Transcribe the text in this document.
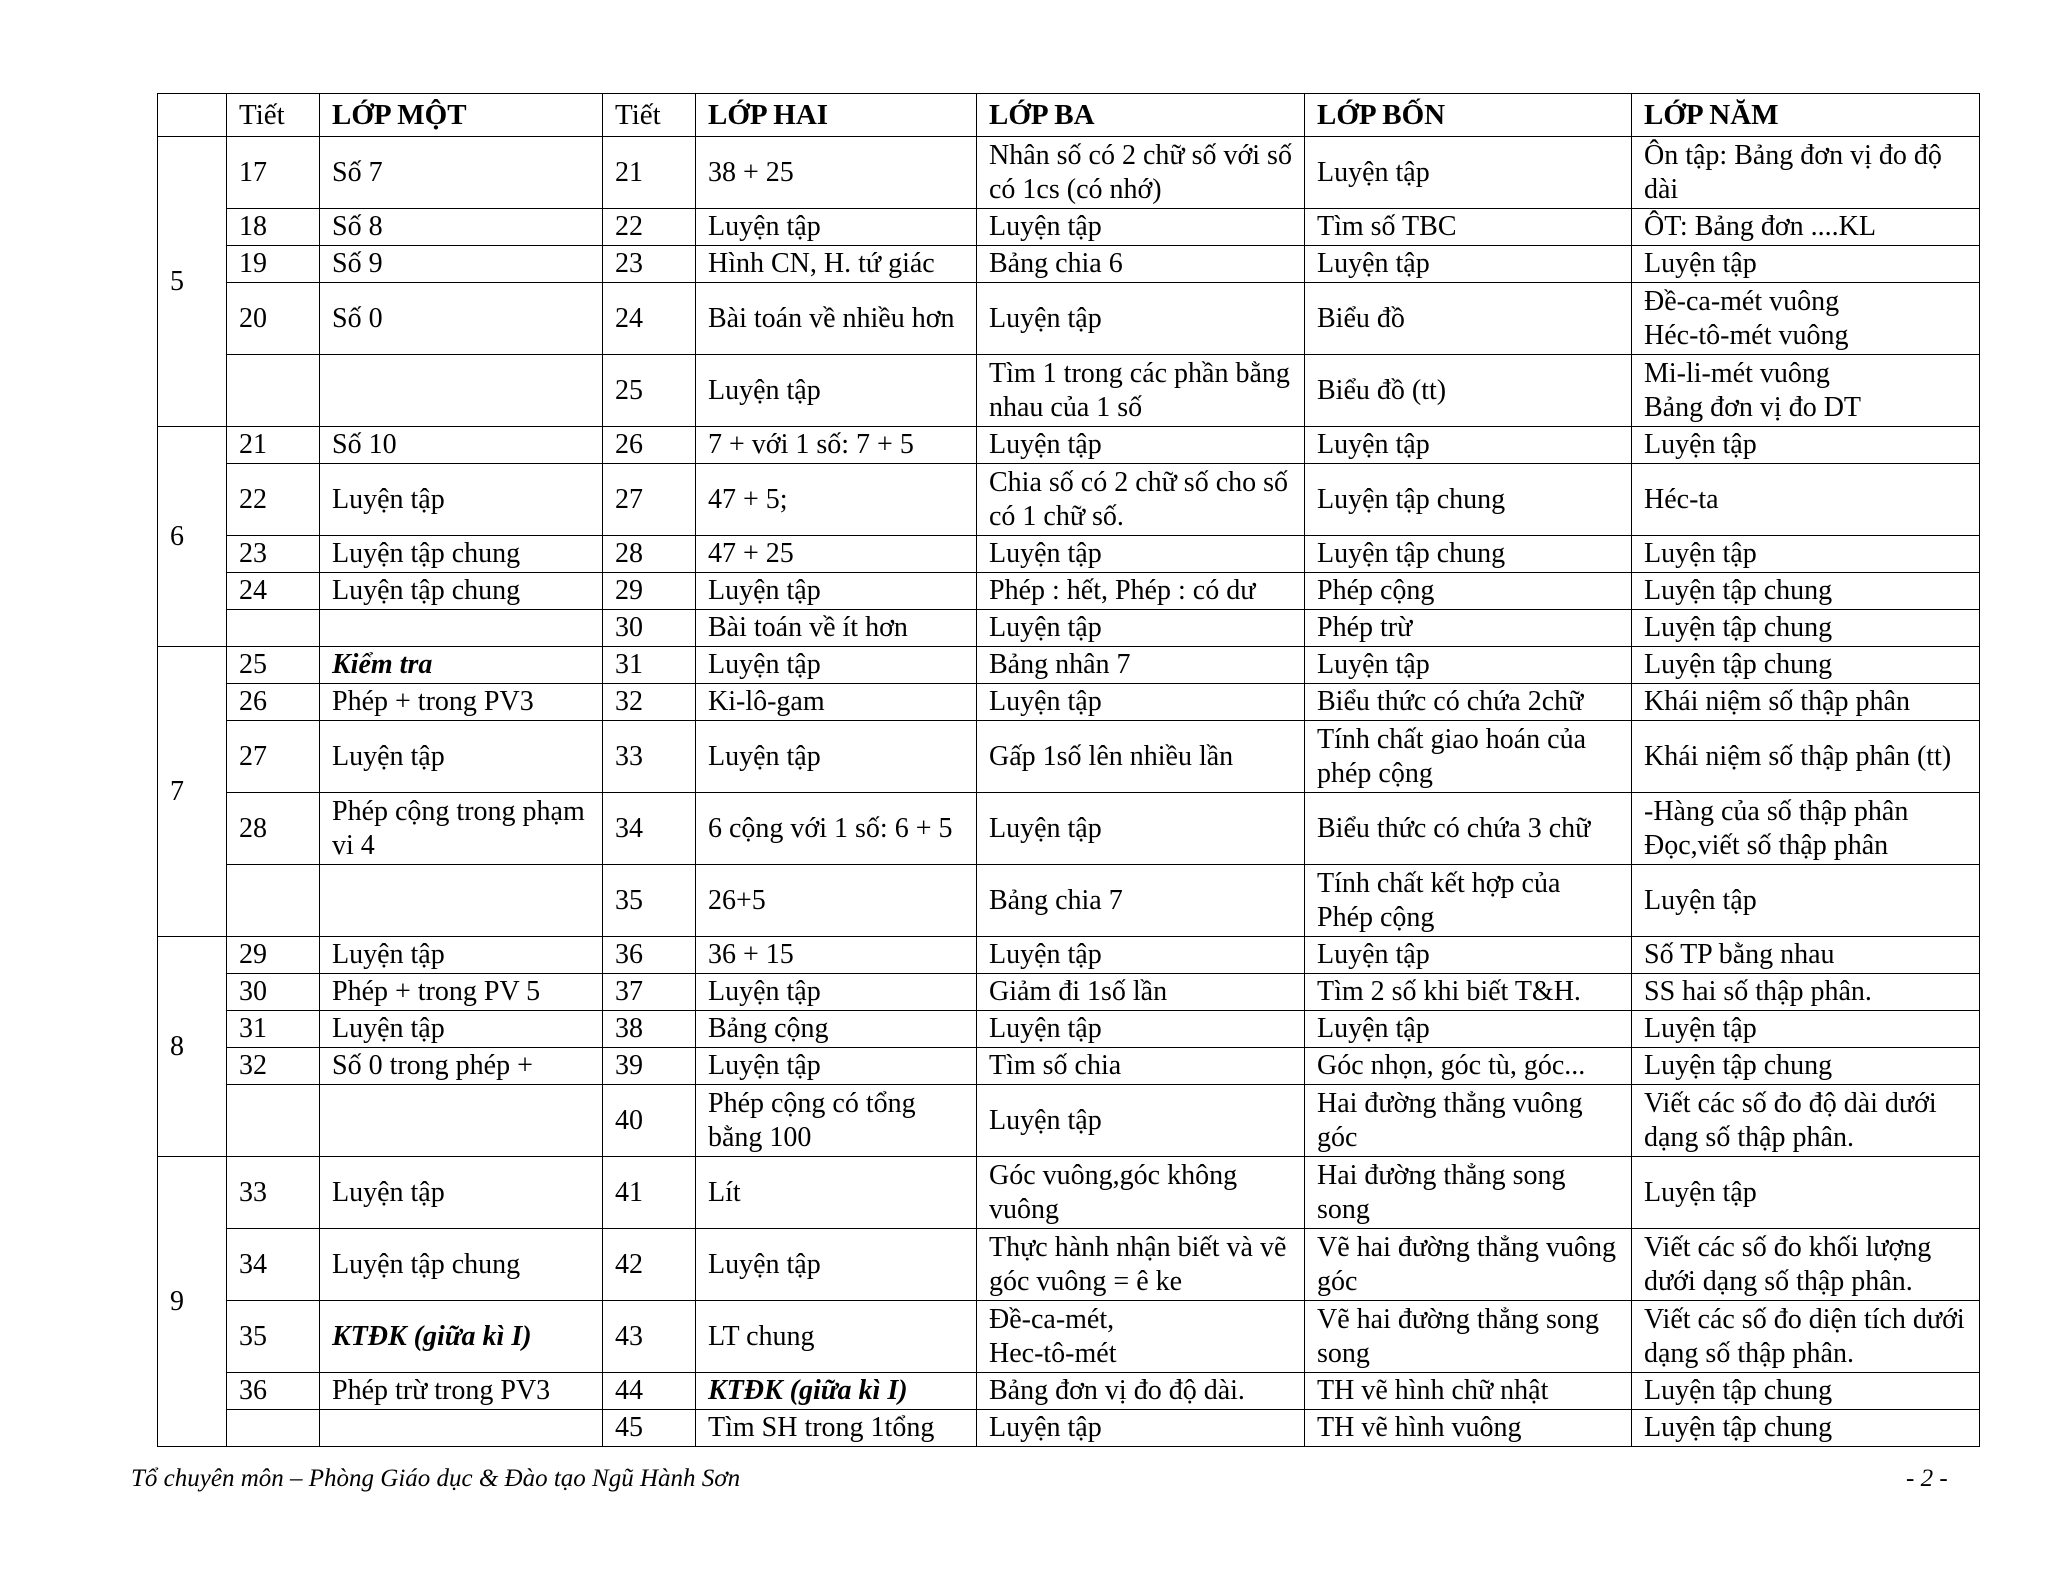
	Tiết	LỚP MỘT	Tiết	LỚP HAI	LỚP BA	LỚP BỐN	LỚP NĂM
5	17	Số 7	21	38 + 25	Nhân số có 2 chữ số với số có 1cs (có nhớ)	Luyện tập	Ôn tập: Bảng đơn vị đo độ dài
	18	Số 8	22	Luyện tập	Luyện tập	Tìm số TBC	ÔT: Bảng đơn ....KL
	19	Số 9	23	Hình CN, H. tứ giác	Bảng chia 6	Luyện tập	Luyện tập
	20	Số 0	24	Bài toán về nhiều hơn	Luyện tập	Biểu đồ	Đề-ca-mét vuông
Héc-tô-mét vuông
			25	Luyện tập	Tìm 1 trong các phần bằng nhau của 1 số	Biểu đồ (tt)	Mi-li-mét vuông
Bảng đơn vị đo DT
6	21	Số 10	26	7 + với 1 số: 7 + 5	Luyện tập	Luyện tập	Luyện tập
	22	Luyện tập	27	47 + 5;	Chia số có 2 chữ số cho số có 1 chữ số.	Luyện tập chung	Héc-ta
	23	Luyện tập chung	28	47 + 25	Luyện tập	Luyện tập chung	Luyện tập
	24	Luyện tập chung	29	Luyện tập	Phép : hết, Phép : có dư	Phép cộng	Luyện tập chung
			30	Bài toán về ít hơn	Luyện tập	Phép trừ	Luyện tập chung
7	25	Kiểm tra	31	Luyện tập	Bảng nhân 7	Luyện tập	Luyện tập chung
	26	Phép + trong PV3	32	Ki-lô-gam	Luyện tập	Biểu thức có chứa 2chữ	Khái niệm số thập phân
	27	Luyện tập	33	Luyện tập	Gấp 1số lên nhiều lần	Tính chất giao hoán của phép cộng	Khái niệm số thập phân (tt)
	28	Phép cộng trong phạm vi 4	34	6 cộng với 1 số: 6 + 5	Luyện tập	Biểu thức có chứa 3 chữ	-Hàng của số thập phân
Đọc,viết số thập phân
			35	26+5	Bảng chia 7	Tính chất kết hợp của Phép cộng	Luyện tập
8	29	Luyện tập	36	36 + 15	Luyện tập	Luyện tập	Số TP bằng nhau
	30	Phép + trong PV 5	37	Luyện tập	Giảm đi 1số lần	Tìm 2 số khi biết T&H.	SS hai số thập phân.
	31	Luyện tập	38	Bảng cộng	Luyện tập	Luyện tập	Luyện tập
	32	Số 0 trong phép +	39	Luyện tập	Tìm số chia	Góc nhọn, góc tù, góc...	Luyện tập chung
			40	Phép cộng có tổng bằng 100	Luyện tập	Hai đường thẳng vuông góc	Viết các số đo độ dài dưới dạng số thập phân.
9	33	Luyện tập	41	Lít	Góc vuông,góc không vuông	Hai đường thẳng song song	Luyện tập
	34	Luyện tập chung	42	Luyện tập	Thực hành nhận biết và vẽ góc vuông = ê ke	Vẽ hai đường thẳng vuông góc	Viết các số đo khối lượng dưới dạng số thập phân.
	35	KTĐK (giữa kì I)	43	LT chung	Đề-ca-mét,
Hec-tô-mét	Vẽ hai đường thẳng song song	Viết các số đo diện tích dưới dạng số thập phân.
	36	Phép trừ trong PV3	44	KTĐK (giữa kì I)	Bảng đơn vị đo độ dài.	TH vẽ hình chữ nhật	Luyện tập chung
			45	Tìm SH trong 1tổng	Luyện tập	TH vẽ hình vuông	Luyện tập chung
Tổ chuyên môn – Phòng Giáo dục & Đào tạo Ngũ Hành Sơn	- 2 -
